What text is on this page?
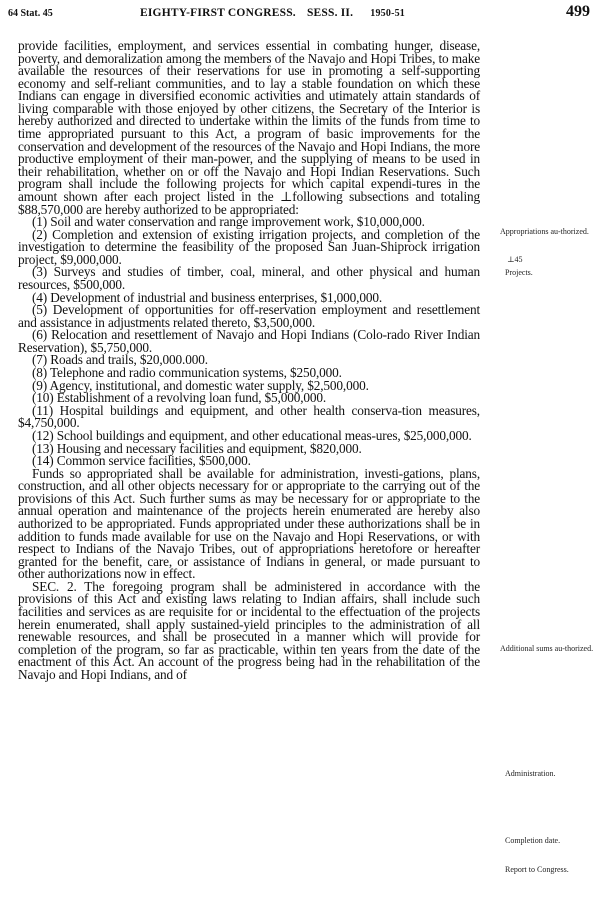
64 Stat. 45	EIGHTY-FIRST CONGRESS. SESS. II. 1950-51	499

provide facilities, employment, and services essential in combating hunger, disease, poverty, and demoralization among the members of the Navajo and Hopi Tribes, to make available the resources of their reservations for use in promoting a self-supporting economy and self-reliant communities, and to lay a stable foundation on which these Indians can engage in diversified economic activities and utimately attain standards of living comparable with those enjoyed by other citizens, the Secretary of the Interior is hereby authorized and directed to undertake within the limits of the funds from time to time appropriated pursuant to this Act, a program of basic improvements for the conservation and development of the resources of the Navajo and Hopi Indians, the more productive employment of their man-power, and the supplying of means to be used in their rehabilitation, whether on or off the Navajo and Hopi Indian Reservations. Such program shall include the following projects for which capital expendi-tures in the amount shown after each project listed in the ⊥following subsections and totaling $88,570,000 are hereby authorized to be appropriated:

(1) Soil and water conservation and range improvement work, $10,000,000.

(2) Completion and extension of existing irrigation projects, and completion of the investigation to determine the feasibility of the proposed San Juan-Shiprock irrigation project, $9,000,000.

(3) Surveys and studies of timber, coal, mineral, and other physical and human resources, $500,000.

(4) Development of industrial and business enterprises, $1,000,000.

(5) Development of opportunities for off-reservation employment and resettlement and assistance in adjustments related thereto, $3,500,000.

(6) Relocation and resettlement of Navajo and Hopi Indians (Colo-rado River Indian Reservation), $5,750,000.

(7) Roads and trails, $20,000.000.

(8) Telephone and radio communication systems, $250,000.

(9) Agency, institutional, and domestic water supply, $2,500,000.

(10) Establishment of a revolving loan fund, $5,000,000.

(11) Hospital buildings and equipment, and other health conserva-tion measures, $4,750,000.

(12) School buildings and equipment, and other educational meas-ures, $25,000,000.

(13) Housing and necessary facilities and equipment, $820,000.

(14) Common service facilities, $500,000.

Funds so appropriated shall be available for administration, investi-gations, plans, construction, and all other objects necessary for or appropriate to the carrying out of the provisions of this Act. Such further sums as may be necessary for or appropriate to the annual operation and maintenance of the projects herein enumerated are hereby also authorized to be appropriated. Funds appropriated under these authorizations shall be in addition to funds made available for use on the Navajo and Hopi Reservations, or with respect to Indians of the Navajo Tribes, out of appropriations heretofore or hereafter granted for the benefit, care, or assistance of Indians in general, or made pursuant to other authorizations now in effect.

SEC. 2. The foregoing program shall be administered in accordance with the provisions of this Act and existing laws relating to Indian affairs, shall include such facilities and services as are requisite for or incidental to the effectuation of the projects herein enumerated, shall apply sustained-yield principles to the administration of all renewable resources, and shall be prosecuted in a manner which will provide for completion of the program, so far as practicable, within ten years from the date of the enactment of this Act. An account of the progress being had in the rehabilitation of the Navajo and Hopi Indians, and of

Appropriations au-thorized.
⊥45
Projects.
Additional sums au-thorized.
Administration.
Completion date.
Report to Congress.
